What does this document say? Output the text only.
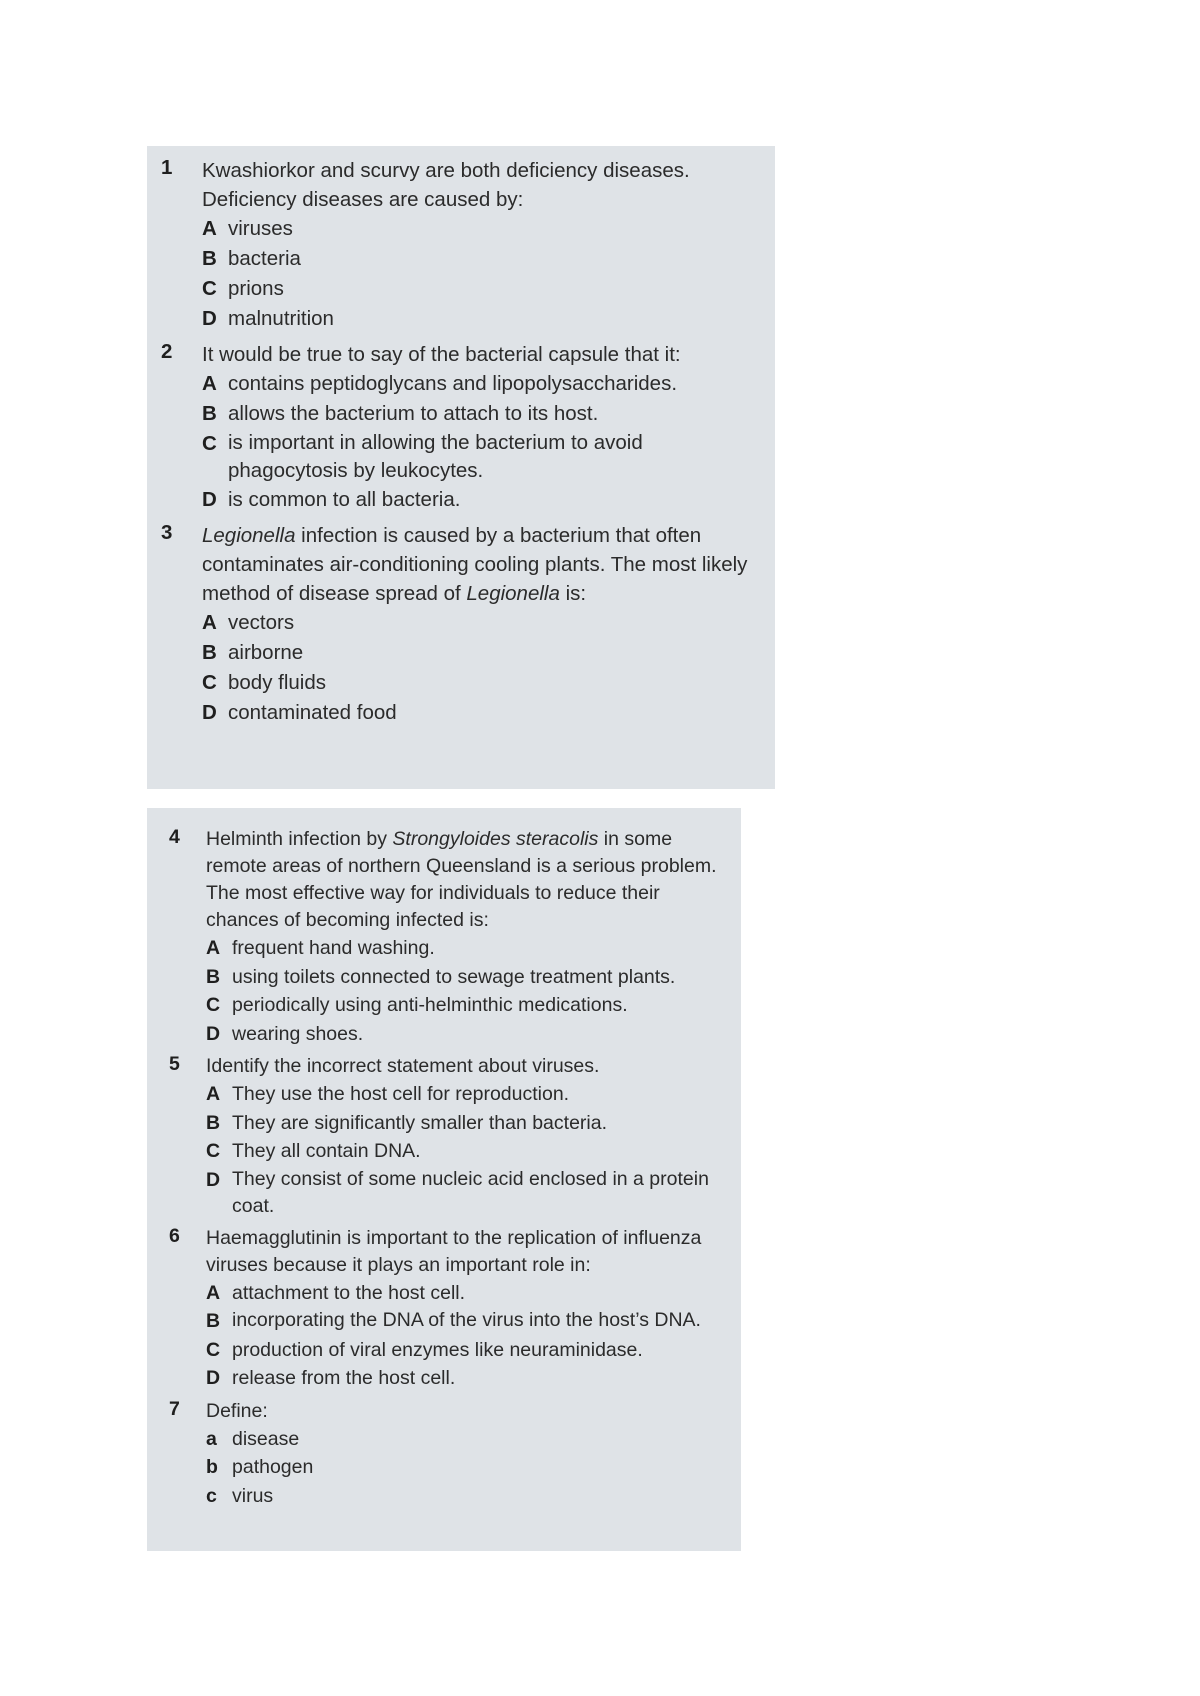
1	Kwashiorkor and scurvy are both deficiency diseases. Deficiency diseases are caused by:

A viruses
B bacteria
C prions
D malnutrition
2	It would be true to say of the bacterial capsule that it:

A contains peptidoglycans and lipopolysaccharides.
B allows the bacterium to attach to its host.
C is important in allowing the bacterium to avoid phagocytosis by leukocytes.
D is common to all bacteria.
3	Legionella infection is caused by a bacterium that often contaminates air-conditioning cooling plants. The most likely method of disease spread of Legionella is:

A vectors
B airborne
C body fluids
D contaminated food
4	Helminth infection by Strongyloides steracolis in some remote areas of northern Queensland is a serious problem. The most effective way for individuals to reduce their chances of becoming infected is:

A frequent hand washing.
B using toilets connected to sewage treatment plants.
C periodically using anti-helminthic medications.
D wearing shoes.
5	Identify the incorrect statement about viruses.

A They use the host cell for reproduction.
B They are significantly smaller than bacteria.
C They all contain DNA.
D They consist of some nucleic acid enclosed in a protein coat.
6	Haemagglutinin is important to the replication of influenza viruses because it plays an important role in:

A attachment to the host cell.
B incorporating the DNA of the virus into the host’s DNA.
C production of viral enzymes like neuraminidase.
D release from the host cell.
7	Define:

a disease
b pathogen
c virus
